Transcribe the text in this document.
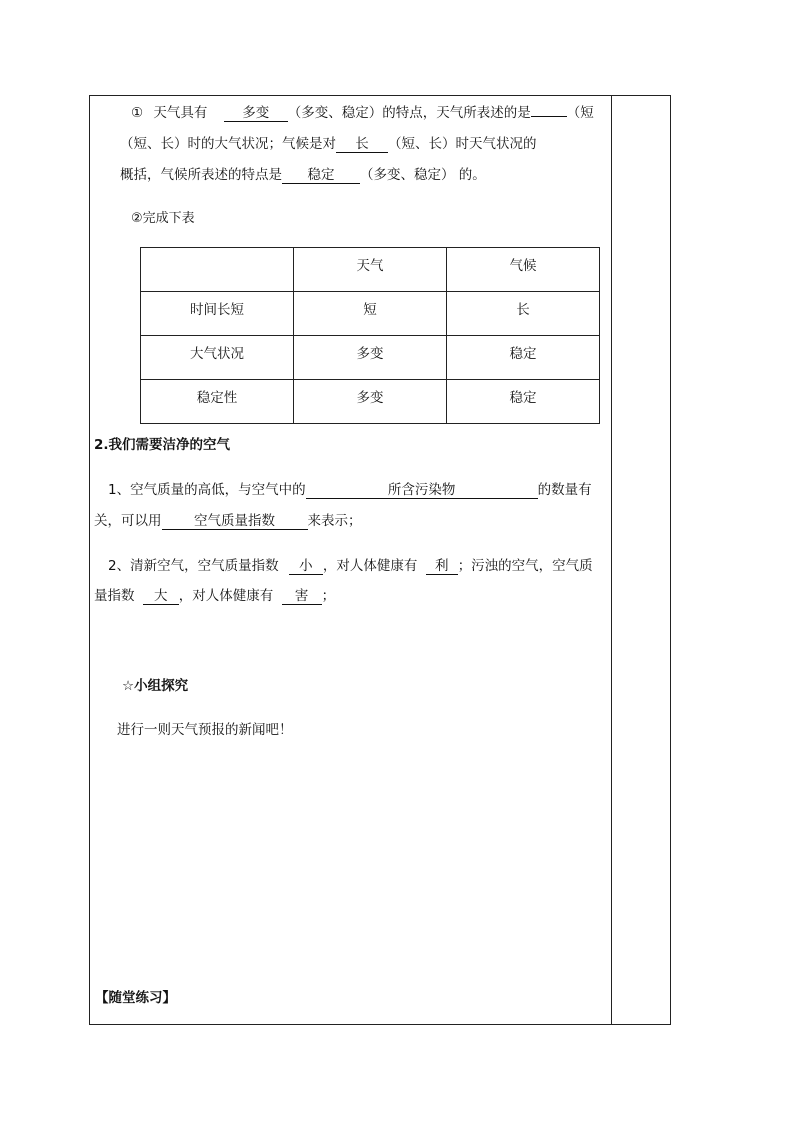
① 天气具有	多变 （多变、稳定）的特点，天气所表述的是	（短
（短、长）时的大气状况；气候是对 长 （短、长）时天气状况的
概括，气候所表述的特点是 稳定 （多变、稳定） 的。
②完成下表
	天气	气候
时间长短	短	长
大气状况	多变	稳定
稳定性	多变	稳定
2.我们需要洁净的空气
1、空气质量的高低，与空气中的	所含污染物	的数量有
关，可以用 空气质量指数 来表示；
2、清新空气，空气质量指数 小 ，对人体健康有 利 ；污浊的空气，空气质
量指数 大 ，对人体健康有 害 ；
☆小组探究
进行一则天气预报的新闻吧！
【随堂练习】
